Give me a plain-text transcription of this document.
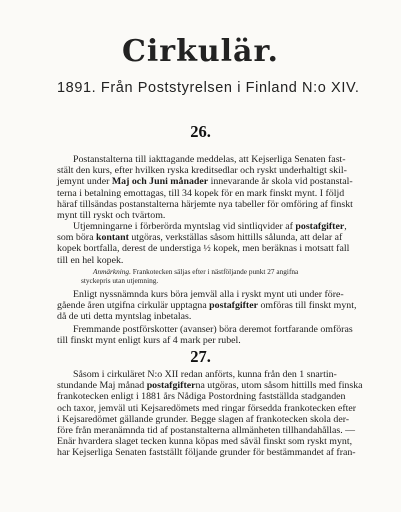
Cirkulär.
1891. Från Poststyrelsen i Finland N:o XIV.
26.
Postanstalterna till iakttagande meddelas, att Kejserliga Senaten fast-
stält den kurs, efter hvilken ryska kreditsedlar och ryskt underhaltigt skil-
jemynt under Maj och Juni månader innevarande år skola vid postanstal-
terna i betalning emottagas, till 34 kopek för en mark finskt mynt. I följd
häraf tillsändas postanstalterna härjemte nya tabeller för omföring af finskt
mynt till ryskt och tvärtom.
Utjemningarne i förberörda myntslag vid sintliqvider af postafgifter,
som böra kontant utgöras, verkställas såsom hittills sålunda, att delar af
kopek bortfalla, derest de understiga ½ kopek, men beräknas i motsatt fall
till en hel kopek.
Anmärkning. Frankotecken säljas efter i nästföljande punkt 27 angifna
styckepris utan utjemning.
Enligt nyssnämnda kurs böra jemväl alla i ryskt mynt uti under före-
gående åren utgifna cirkulär upptagna postafgifter omföras till finskt mynt,
då de uti detta myntslag inbetalas.
Fremmande postförskotter (avanser) böra deremot fortfarande omföras
till finskt mynt enligt kurs af 4 mark per rubel.
27.
Såsom i cirkuläret N:o XII redan anförts, kunna från den 1 snartin-
stundande Maj månad postafgifterna utgöras, utom såsom hittills med finska
frankotecken enligt i 1881 års Nådiga Postordning fastställda stadganden
och taxor, jemväl uti Kejsaredömets med ringar försedda frankotecken efter
i Kejsaredömet gällande grunder. Begge slagen af frankotecken skola der-
före från meranämnda tid af postanstalterna allmänheten tillhandahållas. —
Enär hvardera slaget tecken kunna köpas med såväl finskt som ryskt mynt,
har Kejserliga Senaten fastställt följande grunder för bestämmandet af fran-
